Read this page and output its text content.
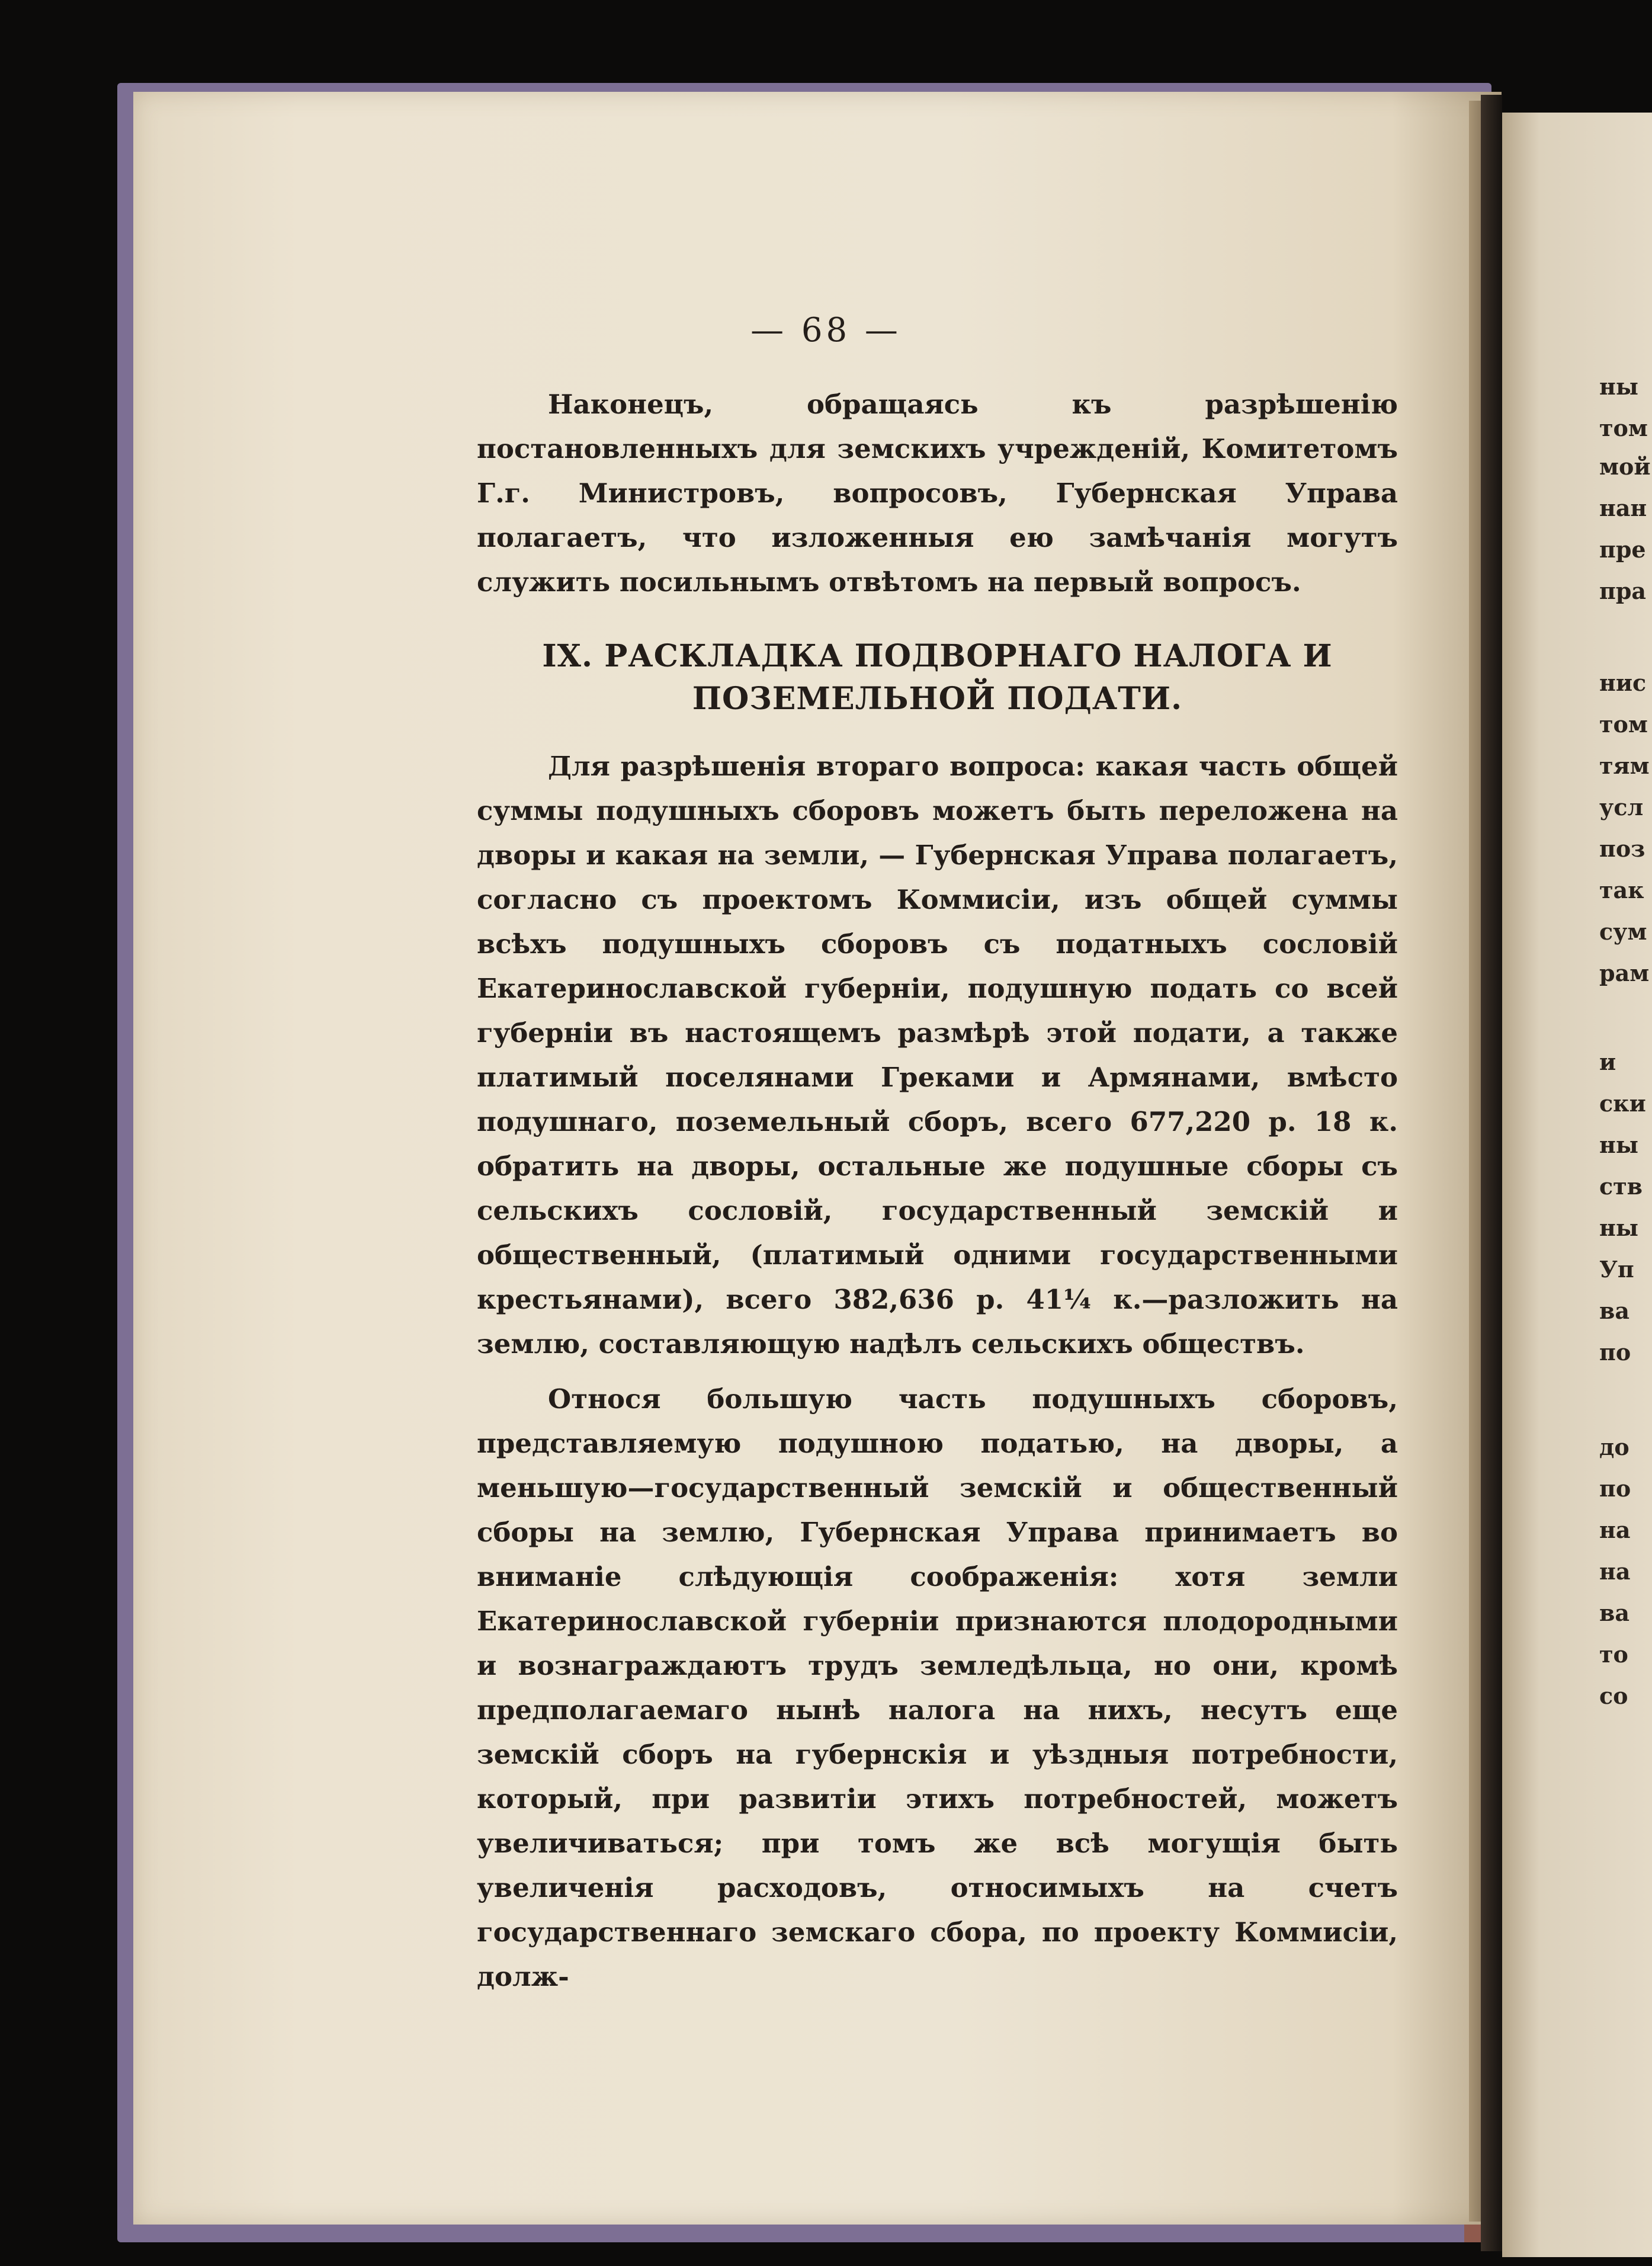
— 68 —

Наконецъ, обращаясь къ разрѣшенію постановленныхъ для земскихъ учрежденій, Комитетомъ Г.г. Министровъ, вопросовъ, Губернская Управа полагаетъ, что изложенныя ею замѣчанія могутъ служить посильнымъ отвѣтомъ на первый вопросъ.

IX. РАСКЛАДКА ПОДВОРНАГО НАЛОГА И ПОЗЕМЕЛЬНОЙ ПОДАТИ.

Для разрѣшенія втораго вопроса: какая часть общей суммы подушныхъ сборовъ можетъ быть переложена на дворы и какая на земли, — Губернская Управа полагаетъ, согласно съ проектомъ Коммисіи, изъ общей суммы всѣхъ подушныхъ сборовъ съ податныхъ сословій Екатеринославской губерніи, подушную подать со всей губерніи въ настоящемъ размѣрѣ этой подати, а также платимый поселянами Греками и Армянами, вмѣсто подушнаго, поземельный сборъ, всего 677,220 р. 18 к. обратить на дворы, остальные же подушные сборы съ сельскихъ сословій, государственный земскій и общественный, (платимый одними государственными крестьянами), всего 382,636 р. 41¼ к.—разложить на землю, составляющую надѣлъ сельскихъ обществъ.

Относя большую часть подушныхъ сборовъ, представляемую подушною податью, на дворы, а меньшую—государственный земскій и общественный сборы на землю, Губернская Управа принимаетъ во вниманіе слѣдующія соображенія: хотя земли Екатеринославской губерніи признаются плодородными и вознаграждаютъ трудъ земледѣльца, но они, кромѣ предполагаемаго нынѣ налога на нихъ, несутъ еще земскій сборъ на губернскія и уѣздныя потребности, который, при развитіи этихъ потребностей, можетъ увеличиваться; при томъ же всѣ могущія быть увеличенія расходовъ, относимыхъ на счетъ государственнаго земскаго сбора, по проекту Коммисіи, долж-

ны
том
мой
нан
пре
пра
нис
том
тям
усл
поз
так
сум
рам
и
ски
ны
ств
ны
Уп
ва
по
до
по
на
на
ва
то
со
